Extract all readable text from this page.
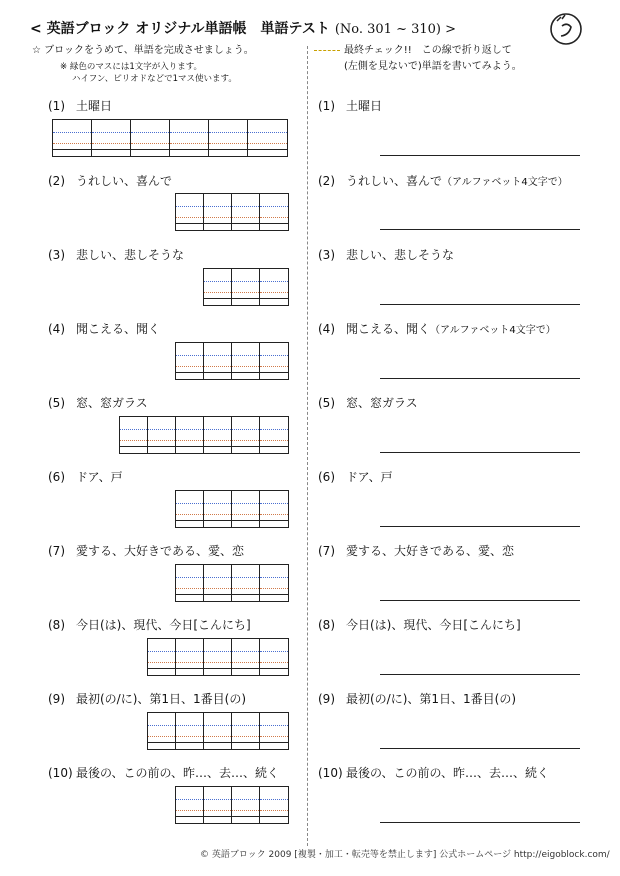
< 英語ブロック オリジナル単語帳　単語テスト (No. 301 ~ 310) >
☆ ブロックをうめて、単語を完成させましょう。
※ 緑色のマスには1文字が入ります。
ハイフン、ピリオドなどで1マス使います。
最終チェック!!　この線で折り返して
(左側を見ないで)単語を書いてみよう。
(1) 土曜日
(2) うれしい、喜んで
(3) 悲しい、悲しそうな
(4) 聞こえる、聞く
(5) 窓、窓ガラス
(6) ドア、戸
(7) 愛する、大好きである、愛、恋
(8) 今日(は)、現代、今日[こんにち]
(9) 最初(の/に)、第1日、1番目(の)
(10) 最後の、この前の、昨…、去…、続く
(1) 土曜日
(2) うれしい、喜んで（アルファベット4文字で）
(3) 悲しい、悲しそうな
(4) 聞こえる、聞く（アルファベット4文字で）
(5) 窓、窓ガラス
(6) ドア、戸
(7) 愛する、大好きである、愛、恋
(8) 今日(は)、現代、今日[こんにち]
(9) 最初(の/に)、第1日、1番目(の)
(10) 最後の、この前の、昨…、去…、続く
© 英語ブロック 2009 [複製・加工・転売等を禁止します] 公式ホームページ http://eigoblock.com/
